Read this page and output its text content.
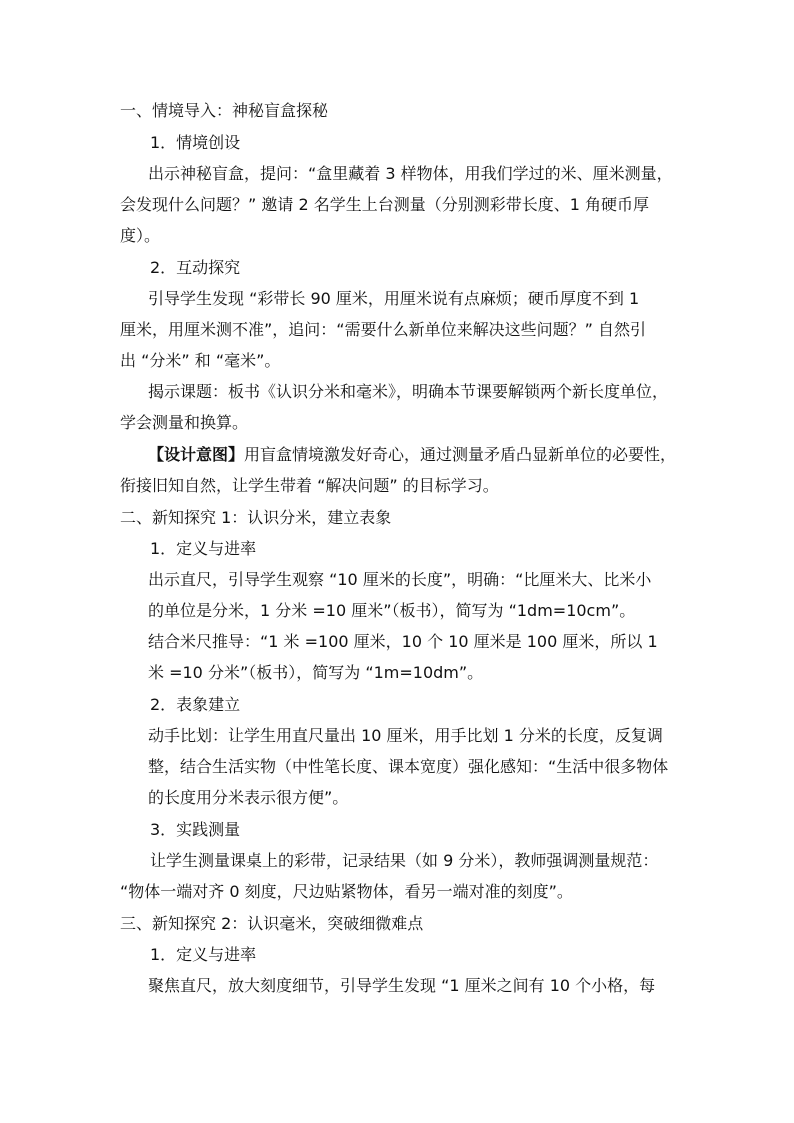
一、情境导入：神秘盲盒探秘
1．情境创设
出示神秘盲盒，提问：“盒里藏着 3 样物体，用我们学过的米、厘米测量，
会发现什么问题？” 邀请 2 名学生上台测量（分别测彩带长度、1 角硬币厚
度）。
2．互动探究
引导学生发现 “彩带长 90 厘米，用厘米说有点麻烦；硬币厚度不到 1
厘米，用厘米测不准”，追问：“需要什么新单位来解决这些问题？” 自然引
出 “分米” 和 “毫米”。
揭示课题：板书《认识分米和毫米》，明确本节课要解锁两个新长度单位，
学会测量和换算。
【设计意图】用盲盒情境激发好奇心，通过测量矛盾凸显新单位的必要性，
衔接旧知自然，让学生带着 “解决问题” 的目标学习。
二、新知探究 1：认识分米，建立表象
1．定义与进率
出示直尺，引导学生观察 “10 厘米的长度”，明确：“比厘米大、比米小
的单位是分米，1 分米 =10 厘米”（板书），简写为 “1dm=10cm”。
结合米尺推导：“1 米 =100 厘米，10 个 10 厘米是 100 厘米，所以 1
米 =10 分米”（板书），简写为 “1m=10dm”。
2．表象建立
动手比划：让学生用直尺量出 10 厘米，用手比划 1 分米的长度，反复调
整，结合生活实物（中性笔长度、课本宽度）强化感知：“生活中很多物体
的长度用分米表示很方便”。
3．实践测量
让学生测量课桌上的彩带，记录结果（如 9 分米），教师强调测量规范：
“物体一端对齐 0 刻度，尺边贴紧物体，看另一端对准的刻度”。
三、新知探究 2：认识毫米，突破细微难点
1．定义与进率
聚焦直尺，放大刻度细节，引导学生发现 “1 厘米之间有 10 个小格，每
